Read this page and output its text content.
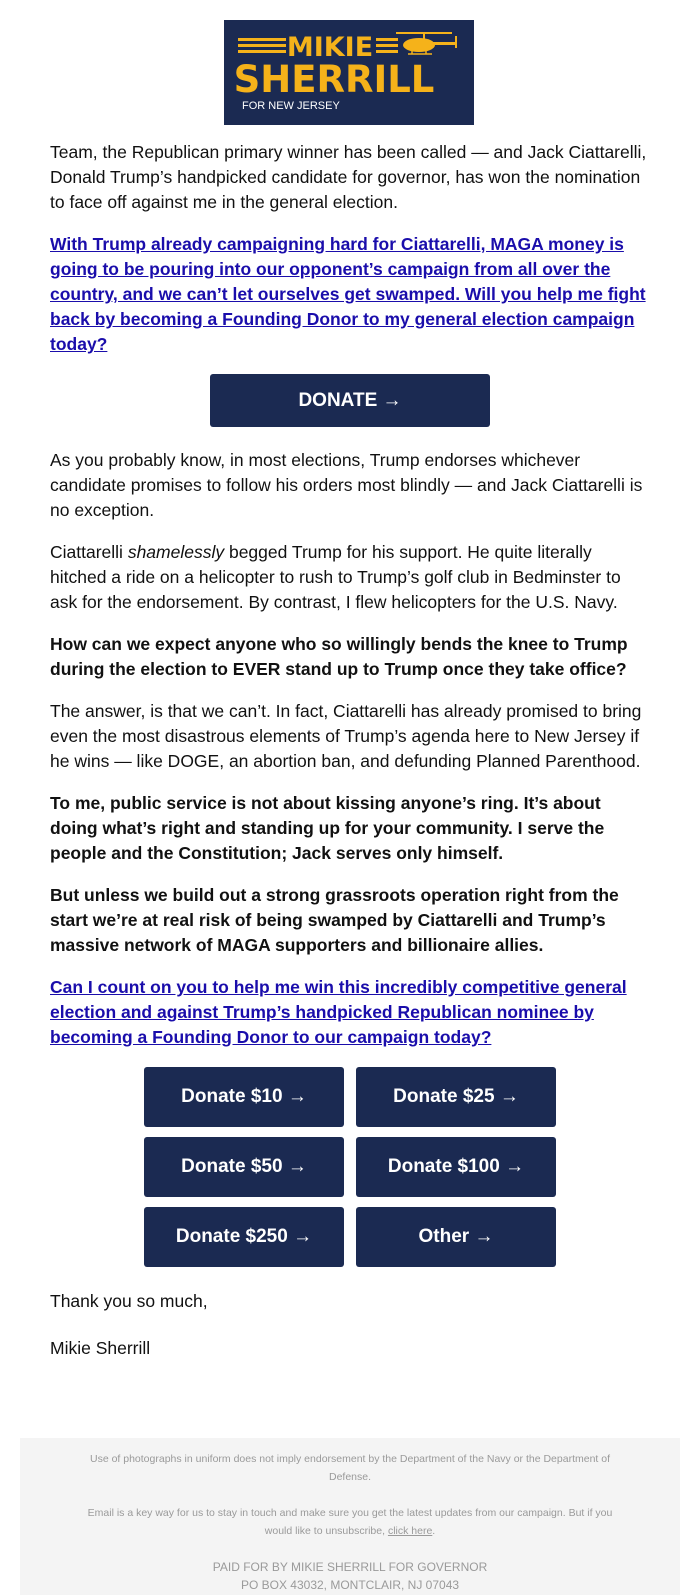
MIKIE
SHERRILL
FOR NEW JERSEY

Team, the Republican primary winner has been called — and Jack Ciattarelli, Donald Trump’s handpicked candidate for governor, has won the nomination to face off against me in the general election.

With Trump already campaigning hard for Ciattarelli, MAGA money is going to be pouring into our opponent’s campaign from all over the country, and we can’t let ourselves get swamped. Will you help me fight back by becoming a Founding Donor to my general election campaign today?

DONATE →

As you probably know, in most elections, Trump endorses whichever candidate promises to follow his orders most blindly — and Jack Ciattarelli is no exception.

Ciattarelli shamelessly begged Trump for his support. He quite literally hitched a ride on a helicopter to rush to Trump’s golf club in Bedminster to ask for the endorsement. By contrast, I flew helicopters for the U.S. Navy.

How can we expect anyone who so willingly bends the knee to Trump during the election to EVER stand up to Trump once they take office?

The answer, is that we can’t. In fact, Ciattarelli has already promised to bring even the most disastrous elements of Trump’s agenda here to New Jersey if he wins — like DOGE, an abortion ban, and defunding Planned Parenthood.

To me, public service is not about kissing anyone’s ring. It’s about doing what’s right and standing up for your community. I serve the people and the Constitution; Jack serves only himself.

But unless we build out a strong grassroots operation right from the start we’re at real risk of being swamped by Ciattarelli and Trump’s massive network of MAGA supporters and billionaire allies.

Can I count on you to help me win this incredibly competitive general election and against Trump’s handpicked Republican nominee by becoming a Founding Donor to our campaign today?

Donate $10 →	Donate $25 →
Donate $50 →	Donate $100 →
Donate $250 →	Other →

Thank you so much,

Mikie Sherrill

Use of photographs in uniform does not imply endorsement by the Department of the Navy or the Department of Defense.
Email is a key way for us to stay in touch and make sure you get the latest updates from our campaign. But if you would like to unsubscribe, click here.
PAID FOR BY MIKIE SHERRILL FOR GOVERNOR
PO BOX 43032, MONTCLAIR, NJ 07043
